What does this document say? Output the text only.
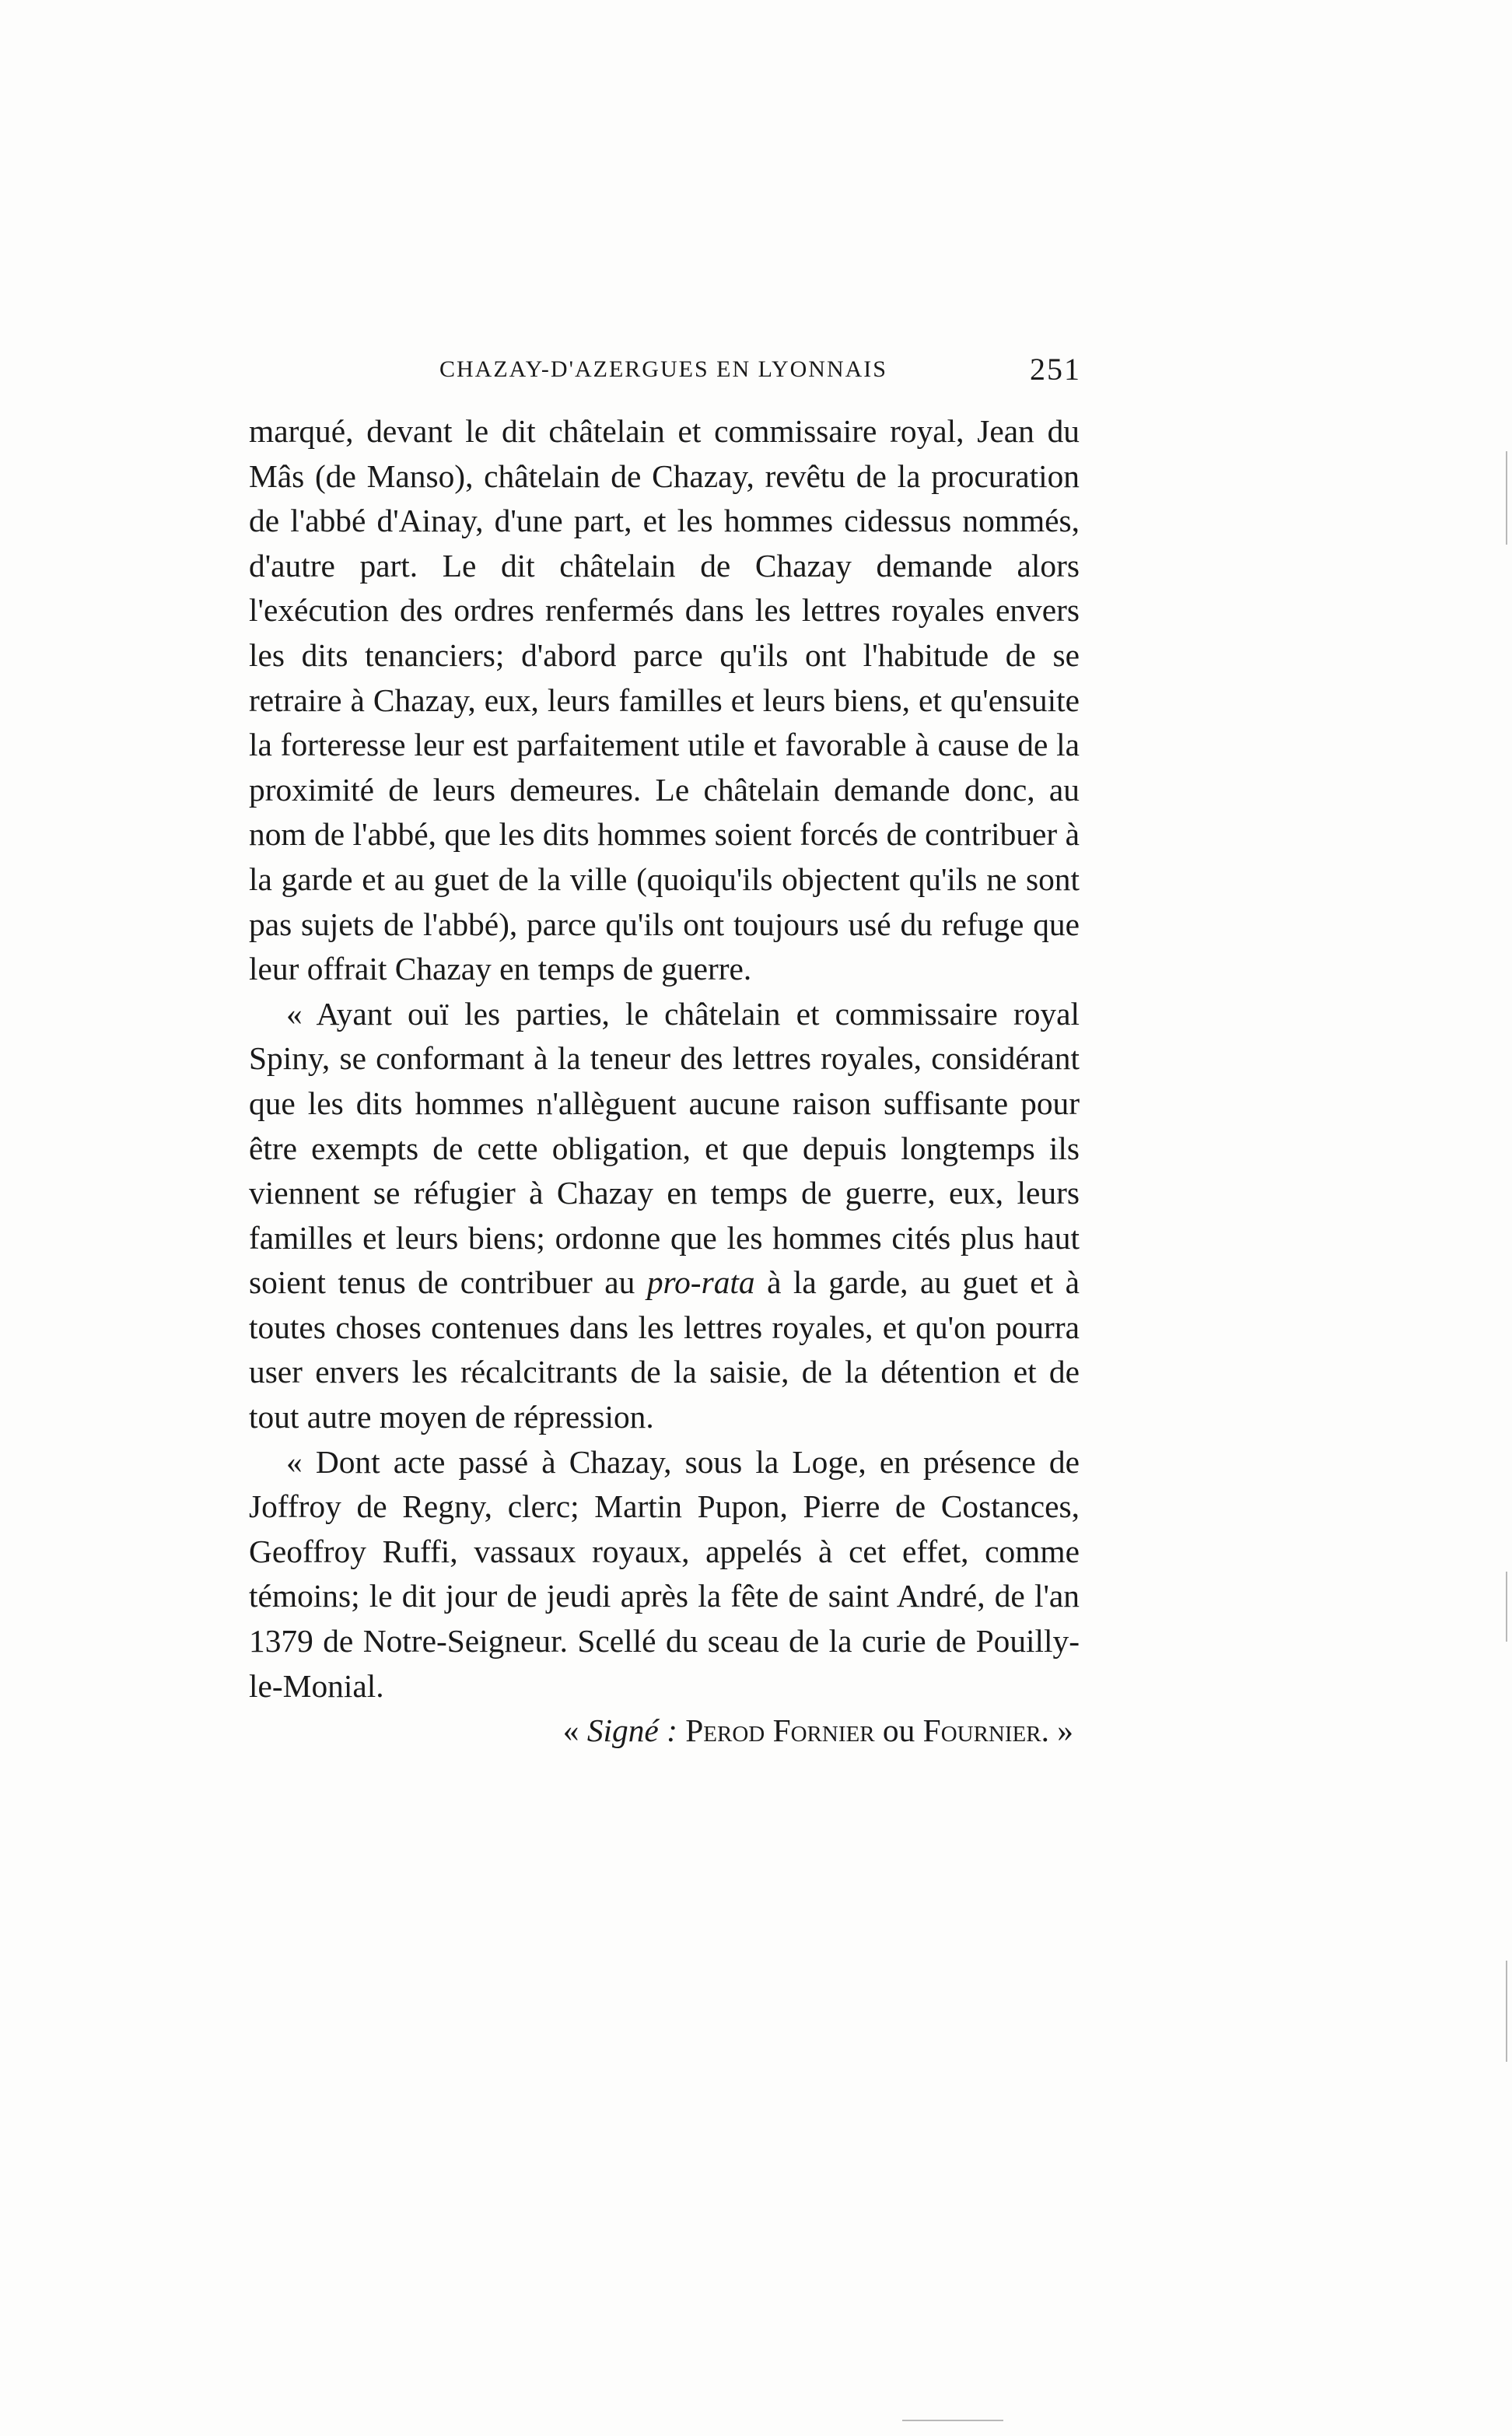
CHAZAY-D'AZERGUES EN LYONNAIS	251

marqué, devant le dit châtelain et commissaire royal, Jean du Mâs (de Manso), châtelain de Chazay, revêtu de la procuration de l'abbé d'Ainay, d'une part, et les hommes cidessus nommés, d'autre part. Le dit châtelain de Chazay demande alors l'exécution des ordres renfermés dans les lettres royales envers les dits tenanciers; d'abord parce qu'ils ont l'habitude de se retraire à Chazay, eux, leurs familles et leurs biens, et qu'ensuite la forteresse leur est parfaitement utile et favorable à cause de la proximité de leurs demeures. Le châtelain demande donc, au nom de l'abbé, que les dits hommes soient forcés de contribuer à la garde et au guet de la ville (quoiqu'ils objectent qu'ils ne sont pas sujets de l'abbé), parce qu'ils ont toujours usé du refuge que leur offrait Chazay en temps de guerre.

« Ayant ouï les parties, le châtelain et commissaire royal Spiny, se conformant à la teneur des lettres royales, considérant que les dits hommes n'allèguent aucune raison suffisante pour être exempts de cette obligation, et que depuis longtemps ils viennent se réfugier à Chazay en temps de guerre, eux, leurs familles et leurs biens; ordonne que les hommes cités plus haut soient tenus de contribuer au pro-rata à la garde, au guet et à toutes choses contenues dans les lettres royales, et qu'on pourra user envers les récalcitrants de la saisie, de la détention et de tout autre moyen de répression.

« Dont acte passé à Chazay, sous la Loge, en présence de Joffroy de Regny, clerc; Martin Pupon, Pierre de Costances, Geoffroy Ruffi, vassaux royaux, appelés à cet effet, comme témoins; le dit jour de jeudi après la fête de saint André, de l'an 1379 de Notre-Seigneur. Scellé du sceau de la curie de Pouilly-le-Monial.

« Signé : Perod Fornier ou Fournier. »
